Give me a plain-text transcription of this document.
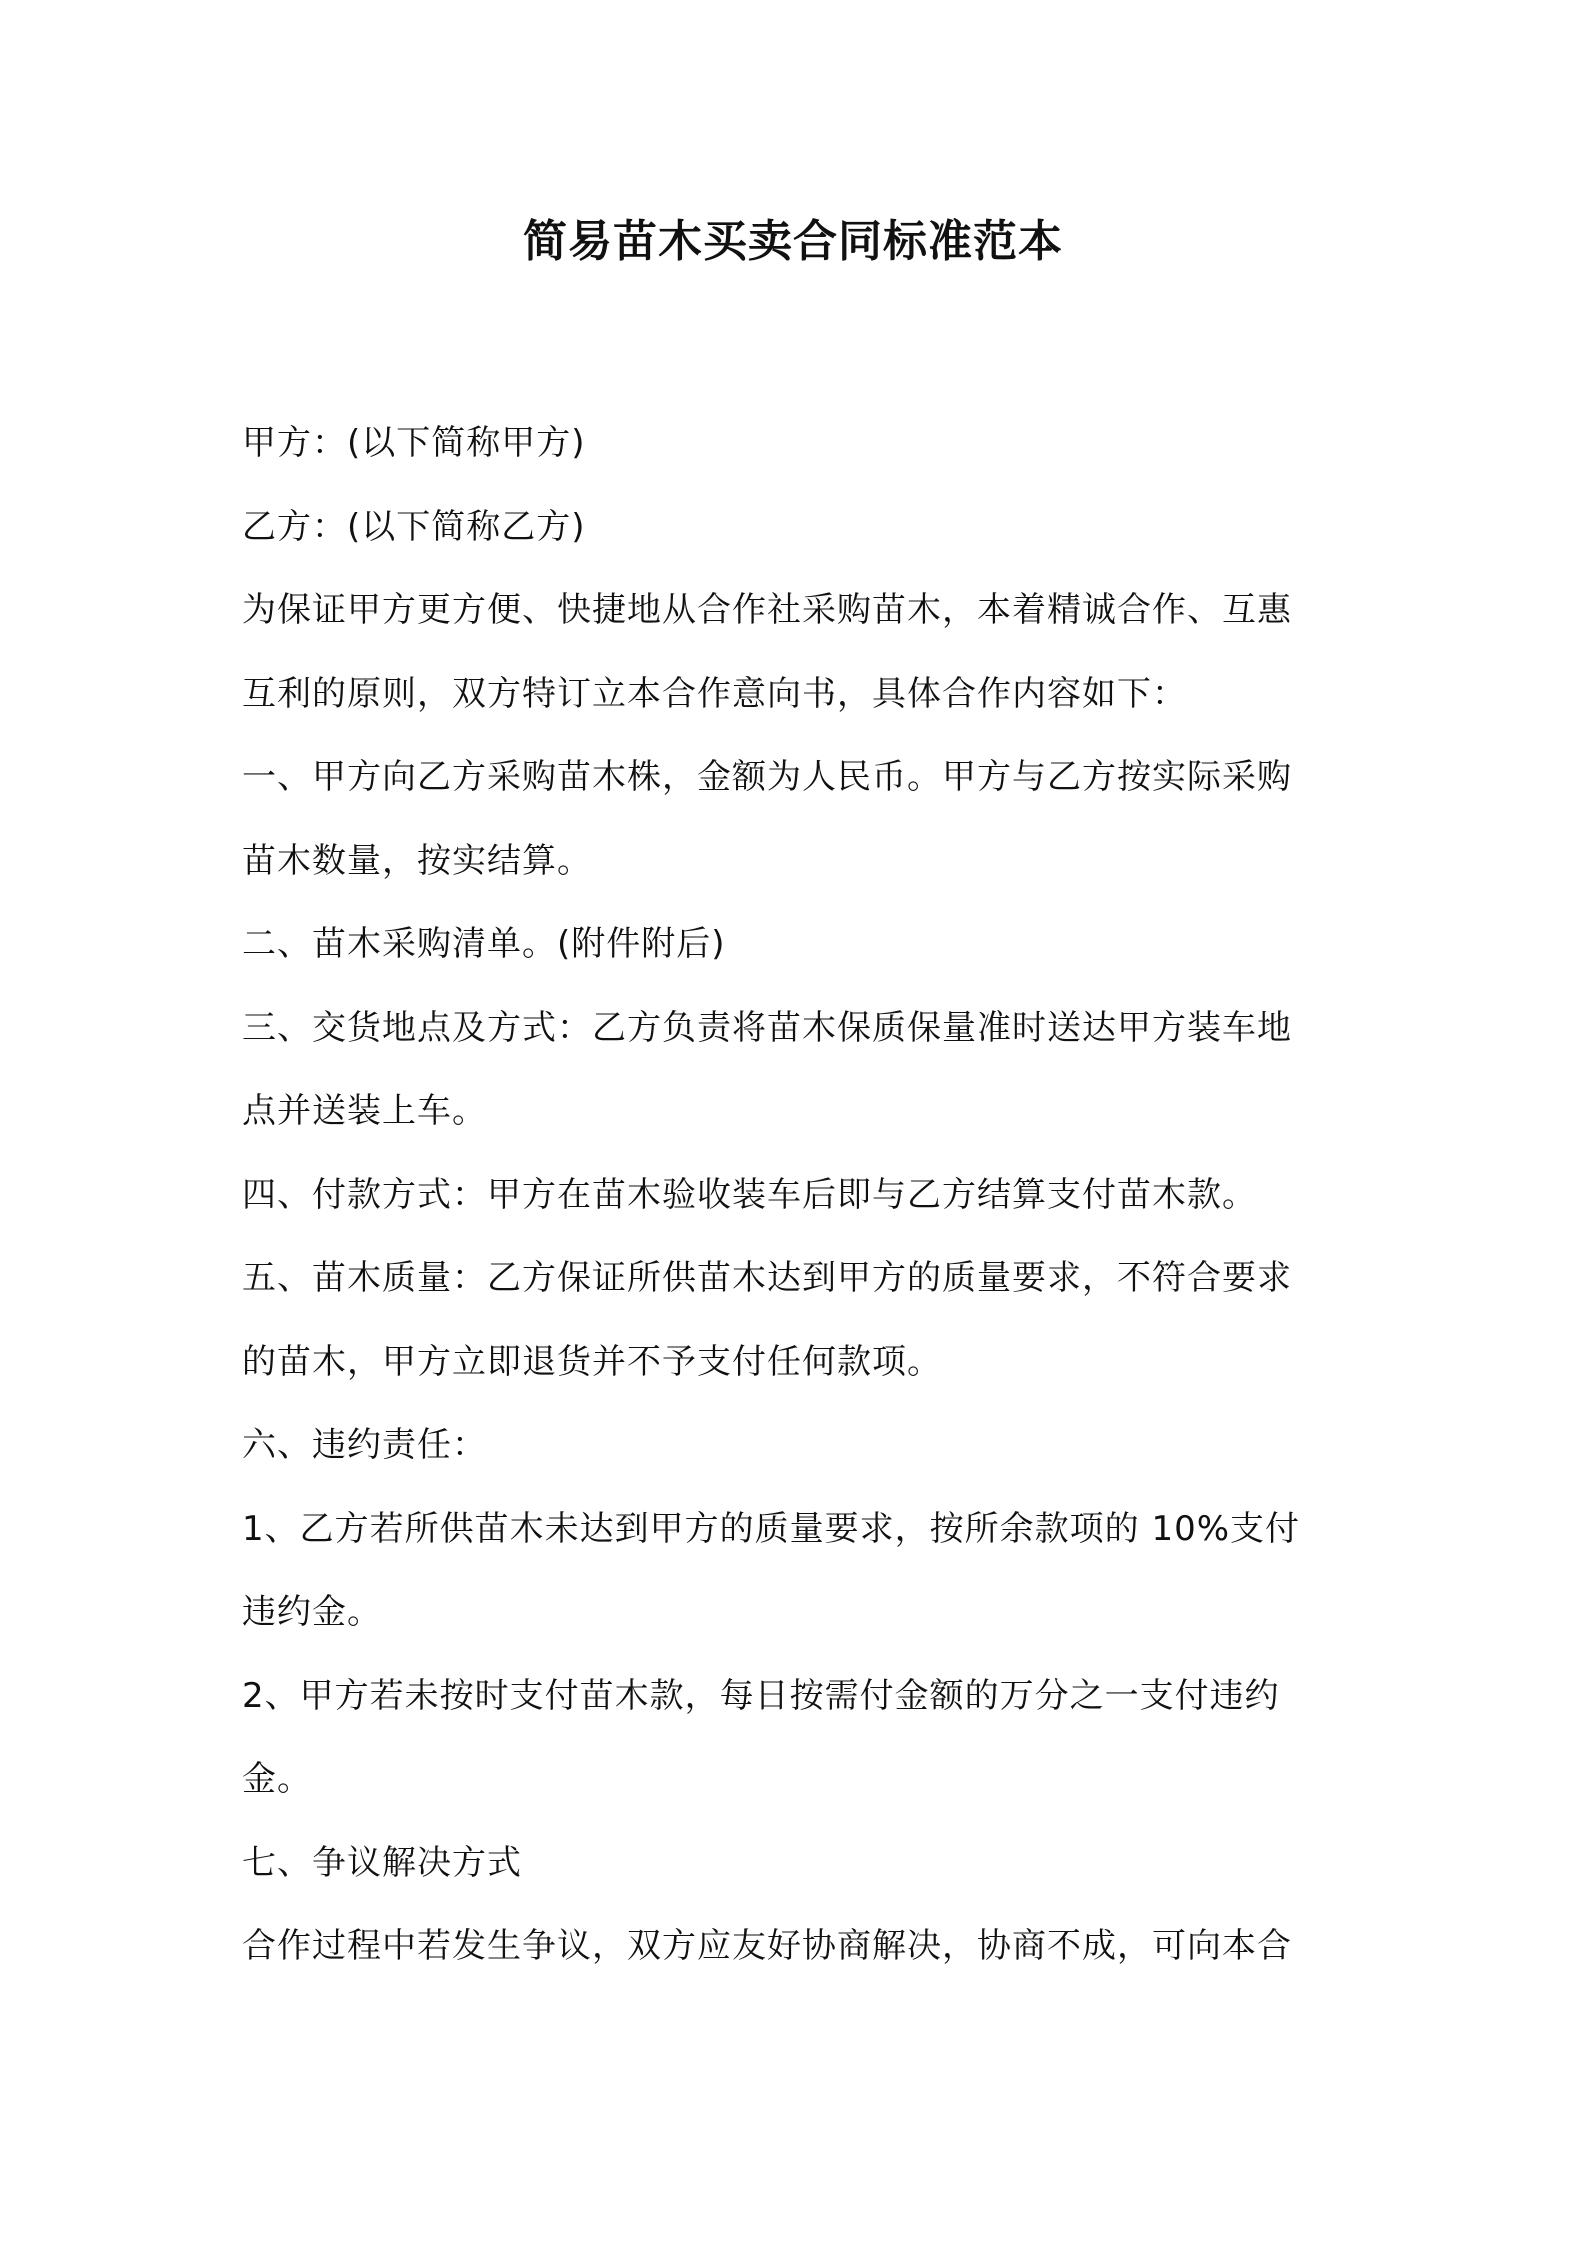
简易苗木买卖合同标准范本

甲方：(以下简称甲方)

乙方：(以下简称乙方)

为保证甲方更方便、快捷地从合作社采购苗木，本着精诚合作、互惠

互利的原则，双方特订立本合作意向书，具体合作内容如下：

一、甲方向乙方采购苗木株，金额为人民币。甲方与乙方按实际采购

苗木数量，按实结算。

二、苗木采购清单。(附件附后)

三、交货地点及方式：乙方负责将苗木保质保量准时送达甲方装车地

点并送装上车。

四、付款方式：甲方在苗木验收装车后即与乙方结算支付苗木款。

五、苗木质量：乙方保证所供苗木达到甲方的质量要求，不符合要求

的苗木，甲方立即退货并不予支付任何款项。

六、违约责任：

1、乙方若所供苗木未达到甲方的质量要求，按所余款项的 10%支付

违约金。

2、甲方若未按时支付苗木款，每日按需付金额的万分之一支付违约

金。

七、争议解决方式

合作过程中若发生争议，双方应友好协商解决，协商不成，可向本合
